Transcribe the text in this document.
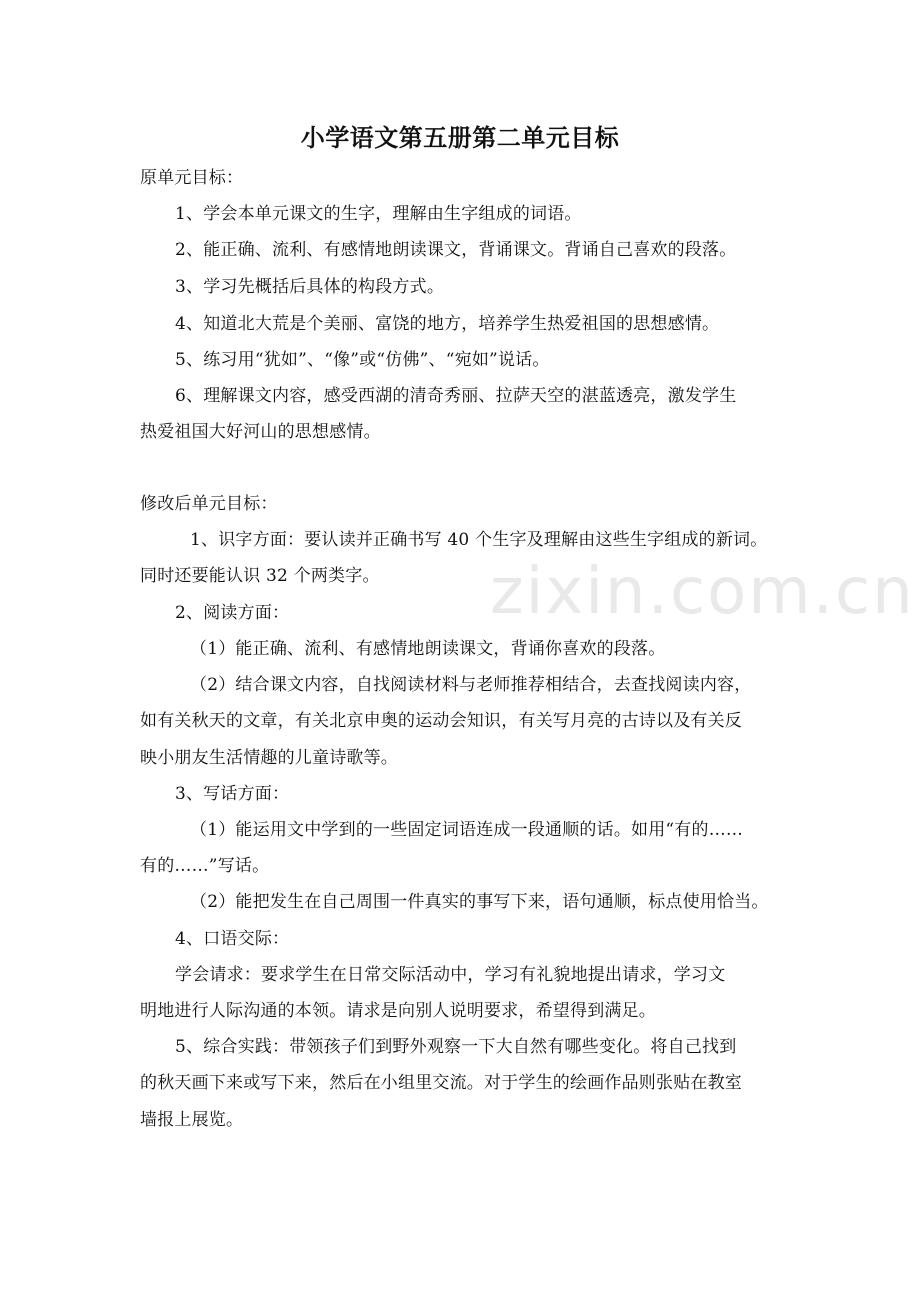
zixin.com.cn
小学语文第五册第二单元目标
原单元目标：
1、学会本单元课文的生字，理解由生字组成的词语。
2、能正确、流利、有感情地朗读课文，背诵课文。背诵自己喜欢的段落。
3、学习先概括后具体的构段方式。
4、知道北大荒是个美丽、富饶的地方，培养学生热爱祖国的思想感情。
5、练习用“犹如”、“像”或“仿佛”、“宛如”说话。
6、理解课文内容，感受西湖的清奇秀丽、拉萨天空的湛蓝透亮，激发学生
热爱祖国大好河山的思想感情。
修改后单元目标：
1、识字方面：要认读并正确书写 40 个生字及理解由这些生字组成的新词。
同时还要能认识 32 个两类字。
2、阅读方面：
（1）能正确、流利、有感情地朗读课文，背诵你喜欢的段落。
（2）结合课文内容，自找阅读材料与老师推荐相结合，去查找阅读内容，
如有关秋天的文章，有关北京申奥的运动会知识，有关写月亮的古诗以及有关反
映小朋友生活情趣的儿童诗歌等。
3、写话方面：
（1）能运用文中学到的一些固定词语连成一段通顺的话。如用“有的……
有的……”写话。
（2）能把发生在自己周围一件真实的事写下来，语句通顺，标点使用恰当。
4、口语交际：
学会请求：要求学生在日常交际活动中，学习有礼貌地提出请求，学习文
明地进行人际沟通的本领。请求是向别人说明要求，希望得到满足。
5、综合实践：带领孩子们到野外观察一下大自然有哪些变化。将自己找到
的秋天画下来或写下来，然后在小组里交流。对于学生的绘画作品则张贴在教室
墙报上展览。
